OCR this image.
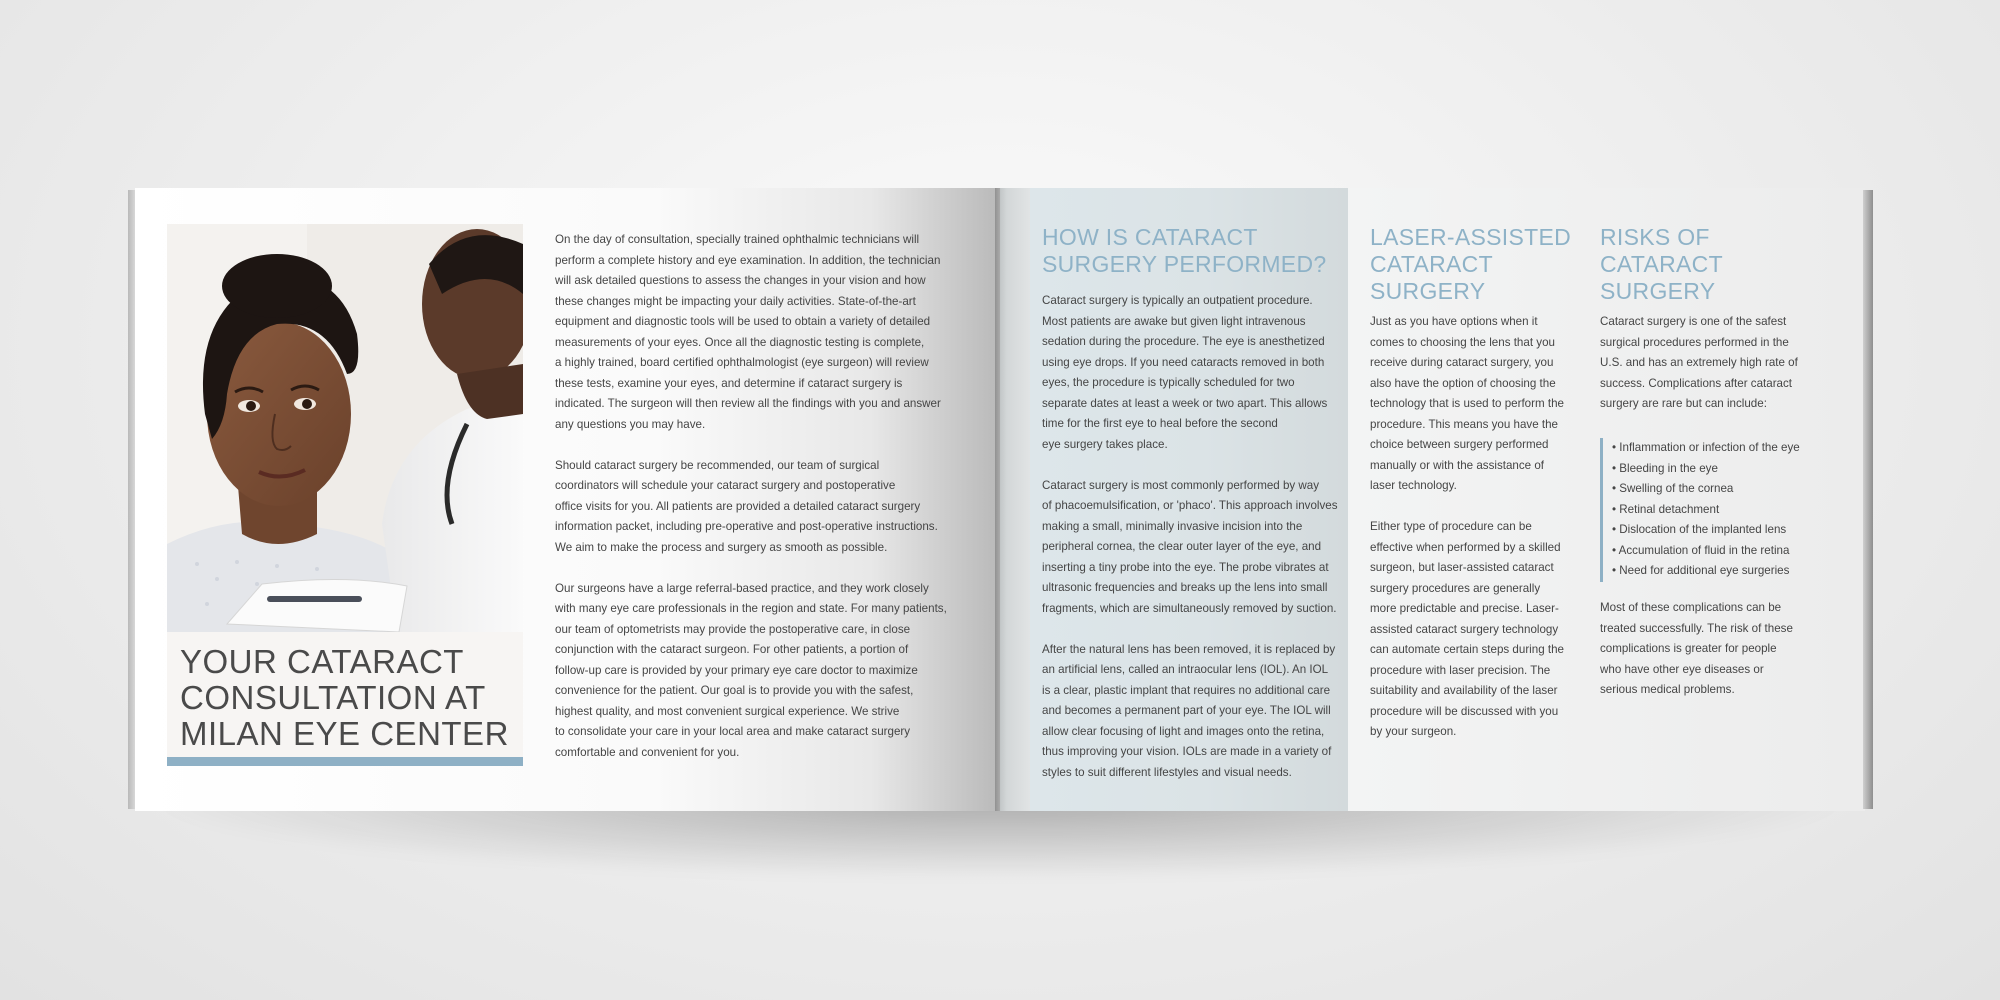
YOUR CATARACT
CONSULTATION AT
MILAN EYE CENTER

On the day of consultation, specially trained ophthalmic technicians will
perform a complete history and eye examination. In addition, the technician
will ask detailed questions to assess the changes in your vision and how
these changes might be impacting your daily activities. State-of-the-art
equipment and diagnostic tools will be used to obtain a variety of detailed
measurements of your eyes. Once all the diagnostic testing is complete,
a highly trained, board certified ophthalmologist (eye surgeon) will review
these tests, examine your eyes, and determine if cataract surgery is
indicated. The surgeon will then review all the findings with you and answer
any questions you may have.

Should cataract surgery be recommended, our team of surgical
coordinators will schedule your cataract surgery and postoperative
office visits for you. All patients are provided a detailed cataract surgery
information packet, including pre-operative and post-operative instructions.
We aim to make the process and surgery as smooth as possible.

Our surgeons have a large referral-based practice, and they work closely
with many eye care professionals in the region and state. For many patients,
our team of optometrists may provide the postoperative care, in close
conjunction with the cataract surgeon. For other patients, a portion of
follow-up care is provided by your primary eye care doctor to maximize
convenience for the patient. Our goal is to provide you with the safest,
highest quality, and most convenient surgical experience. We strive
to consolidate your care in your local area and make cataract surgery
comfortable and convenient for you.

HOW IS CATARACT
SURGERY PERFORMED?

Cataract surgery is typically an outpatient procedure.
Most patients are awake but given light intravenous
sedation during the procedure. The eye is anesthetized
using eye drops. If you need cataracts removed in both
eyes, the procedure is typically scheduled for two
separate dates at least a week or two apart. This allows
time for the first eye to heal before the second
eye surgery takes place.

Cataract surgery is most commonly performed by way
of phacoemulsification, or 'phaco'. This approach involves
making a small, minimally invasive incision into the
peripheral cornea, the clear outer layer of the eye, and
inserting a tiny probe into the eye. The probe vibrates at
ultrasonic frequencies and breaks up the lens into small
fragments, which are simultaneously removed by suction.

After the natural lens has been removed, it is replaced by
an artificial lens, called an intraocular lens (IOL). An IOL
is a clear, plastic implant that requires no additional care
and becomes a permanent part of your eye. The IOL will
allow clear focusing of light and images onto the retina,
thus improving your vision. IOLs are made in a variety of
styles to suit different lifestyles and visual needs.

LASER-ASSISTED
CATARACT
SURGERY

Just as you have options when it
comes to choosing the lens that you
receive during cataract surgery, you
also have the option of choosing the
technology that is used to perform the
procedure. This means you have the
choice between surgery performed
manually or with the assistance of
laser technology.

Either type of procedure can be
effective when performed by a skilled
surgeon, but laser-assisted cataract
surgery procedures are generally
more predictable and precise. Laser-
assisted cataract surgery technology
can automate certain steps during the
procedure with laser precision. The
suitability and availability of the laser
procedure will be discussed with you
by your surgeon.

RISKS OF
CATARACT
SURGERY

Cataract surgery is one of the safest
surgical procedures performed in the
U.S. and has an extremely high rate of
success. Complications after cataract
surgery are rare but can include:

• Inflammation or infection of the eye
• Bleeding in the eye
• Swelling of the cornea
• Retinal detachment
• Dislocation of the implanted lens
• Accumulation of fluid in the retina
• Need for additional eye surgeries

Most of these complications can be
treated successfully. The risk of these
complications is greater for people
who have other eye diseases or
serious medical problems.
